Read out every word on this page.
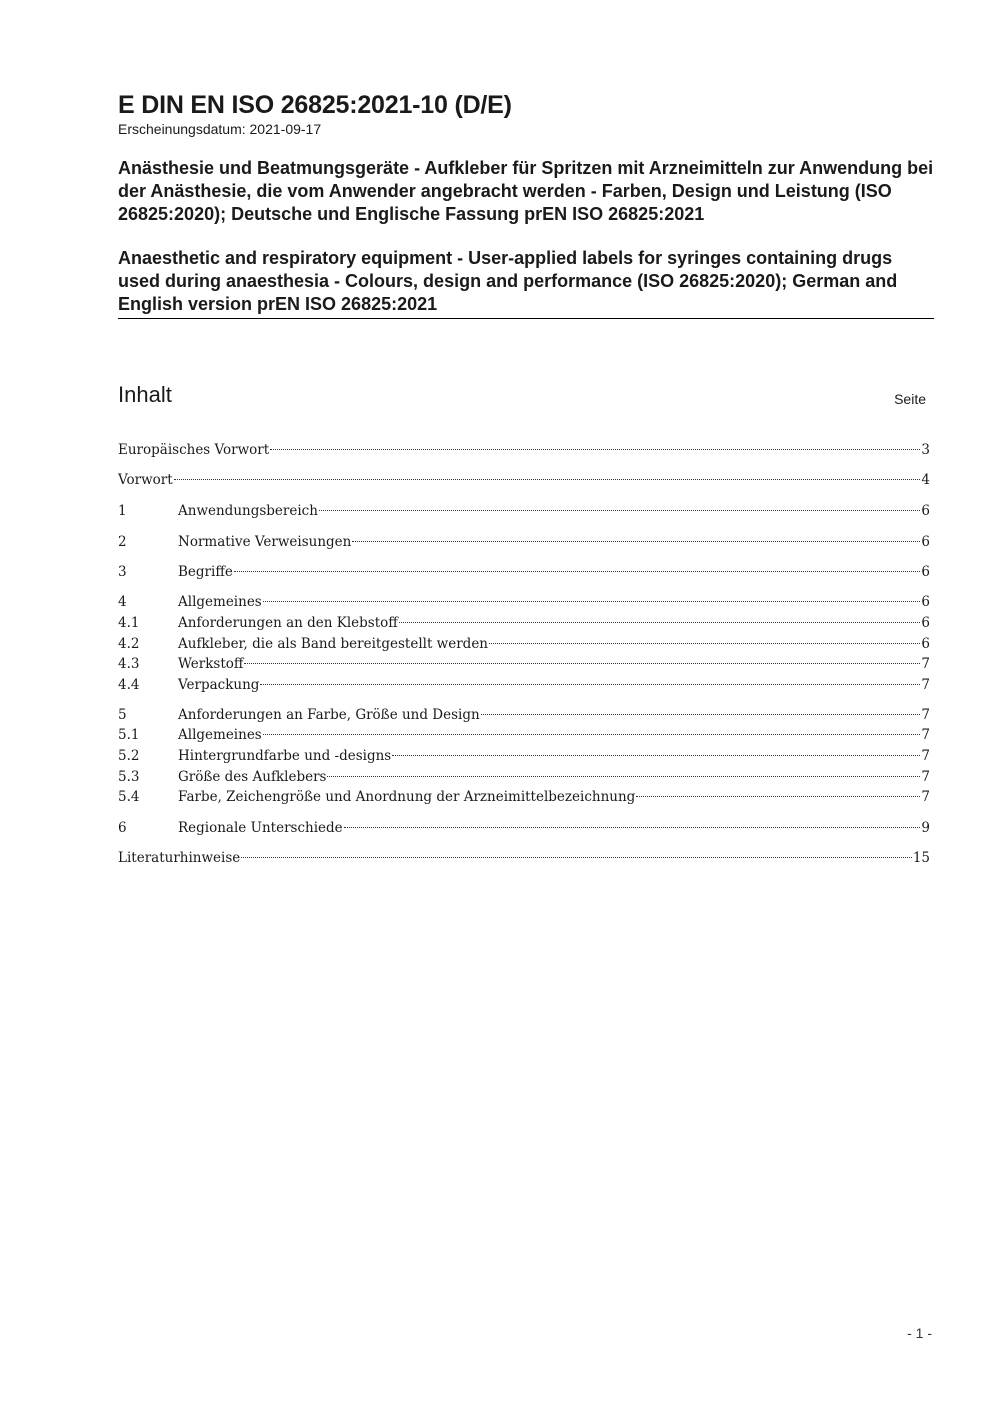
E DIN EN ISO 26825:2021-10 (D/E)
Erscheinungsdatum: 2021-09-17
Anästhesie und Beatmungsgeräte - Aufkleber für Spritzen mit Arzneimitteln zur Anwendung bei der Anästhesie, die vom Anwender angebracht werden - Farben, Design und Leistung (ISO 26825:2020); Deutsche und Englische Fassung prEN ISO 26825:2021
Anaesthetic and respiratory equipment - User-applied labels for syringes containing drugs used during anaesthesia - Colours, design and performance (ISO 26825:2020); German and English version prEN ISO 26825:2021
Inhalt	Seite
Europäisches Vorwort	3
Vorwort	4
1	Anwendungsbereich	6
2	Normative Verweisungen	6
3	Begriffe	6
4	Allgemeines	6
4.1	Anforderungen an den Klebstoff	6
4.2	Aufkleber, die als Band bereitgestellt werden	6
4.3	Werkstoff	7
4.4	Verpackung	7
5	Anforderungen an Farbe, Größe und Design	7
5.1	Allgemeines	7
5.2	Hintergrundfarbe und -designs	7
5.3	Größe des Aufklebers	7
5.4	Farbe, Zeichengröße und Anordnung der Arzneimittelbezeichnung	7
6	Regionale Unterschiede	9
Literaturhinweise	15
- 1 -
